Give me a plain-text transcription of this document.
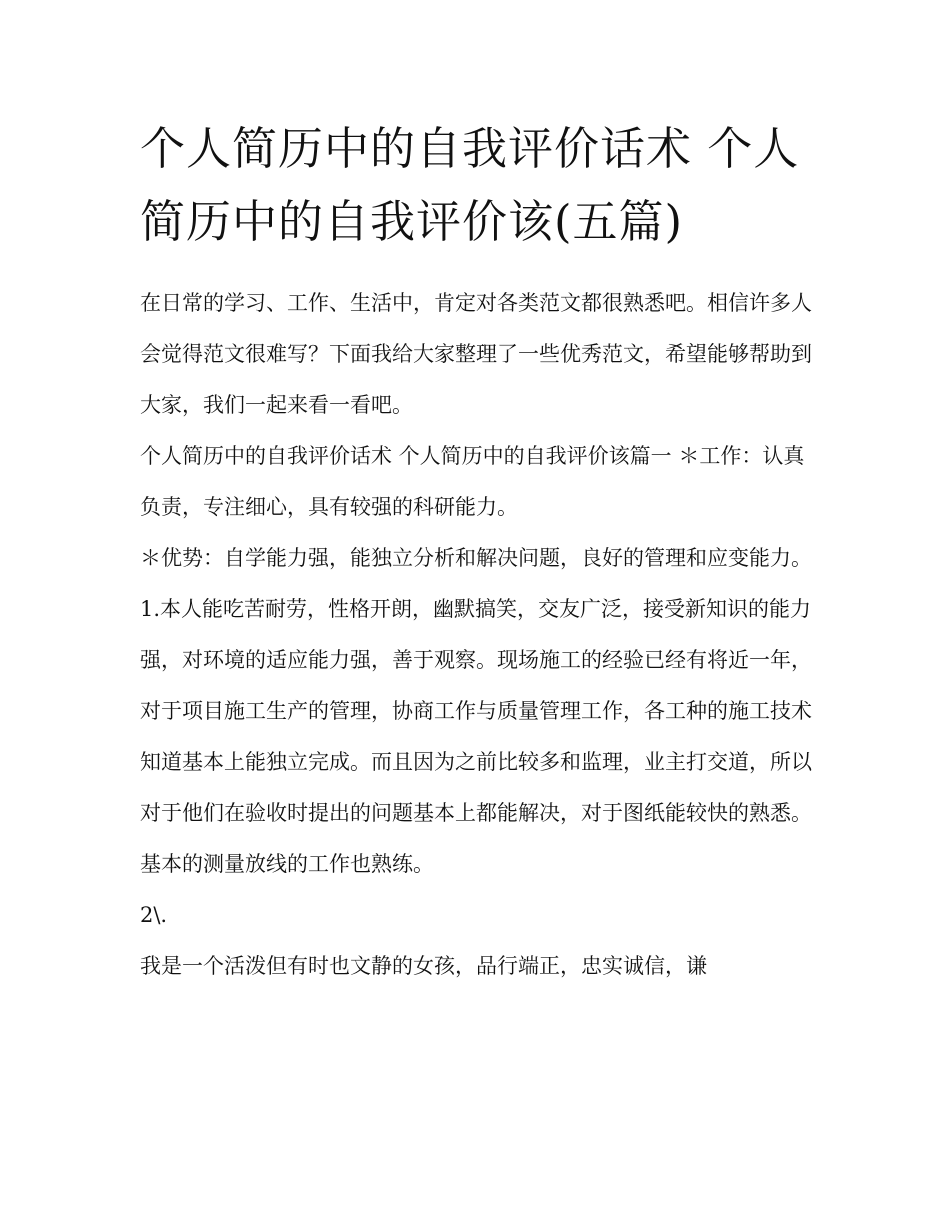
个人简历中的自我评价话术 个人简历中的自我评价该(五篇)

在日常的学习、工作、生活中，肯定对各类范文都很熟悉吧。相信许多人会觉得范文很难写？下面我给大家整理了一些优秀范文，希望能够帮助到大家，我们一起来看一看吧。

个人简历中的自我评价话术 个人简历中的自我评价该篇一 ＊工作：认真负责，专注细心，具有较强的科研能力。

＊优势：自学能力强，能独立分析和解决问题，良好的管理和应变能力。

1.本人能吃苦耐劳，性格开朗，幽默搞笑，交友广泛，接受新知识的能力强，对环境的适应能力强，善于观察。现场施工的经验已经有将近一年，对于项目施工生产的管理，协商工作与质量管理工作，各工种的施工技术知道基本上能独立完成。而且因为之前比较多和监理，业主打交道，所以对于他们在验收时提出的问题基本上都能解决，对于图纸能较快的熟悉。基本的测量放线的工作也熟练。

2\.

我是一个活泼但有时也文静的女孩，品行端正，忠实诚信，谦
